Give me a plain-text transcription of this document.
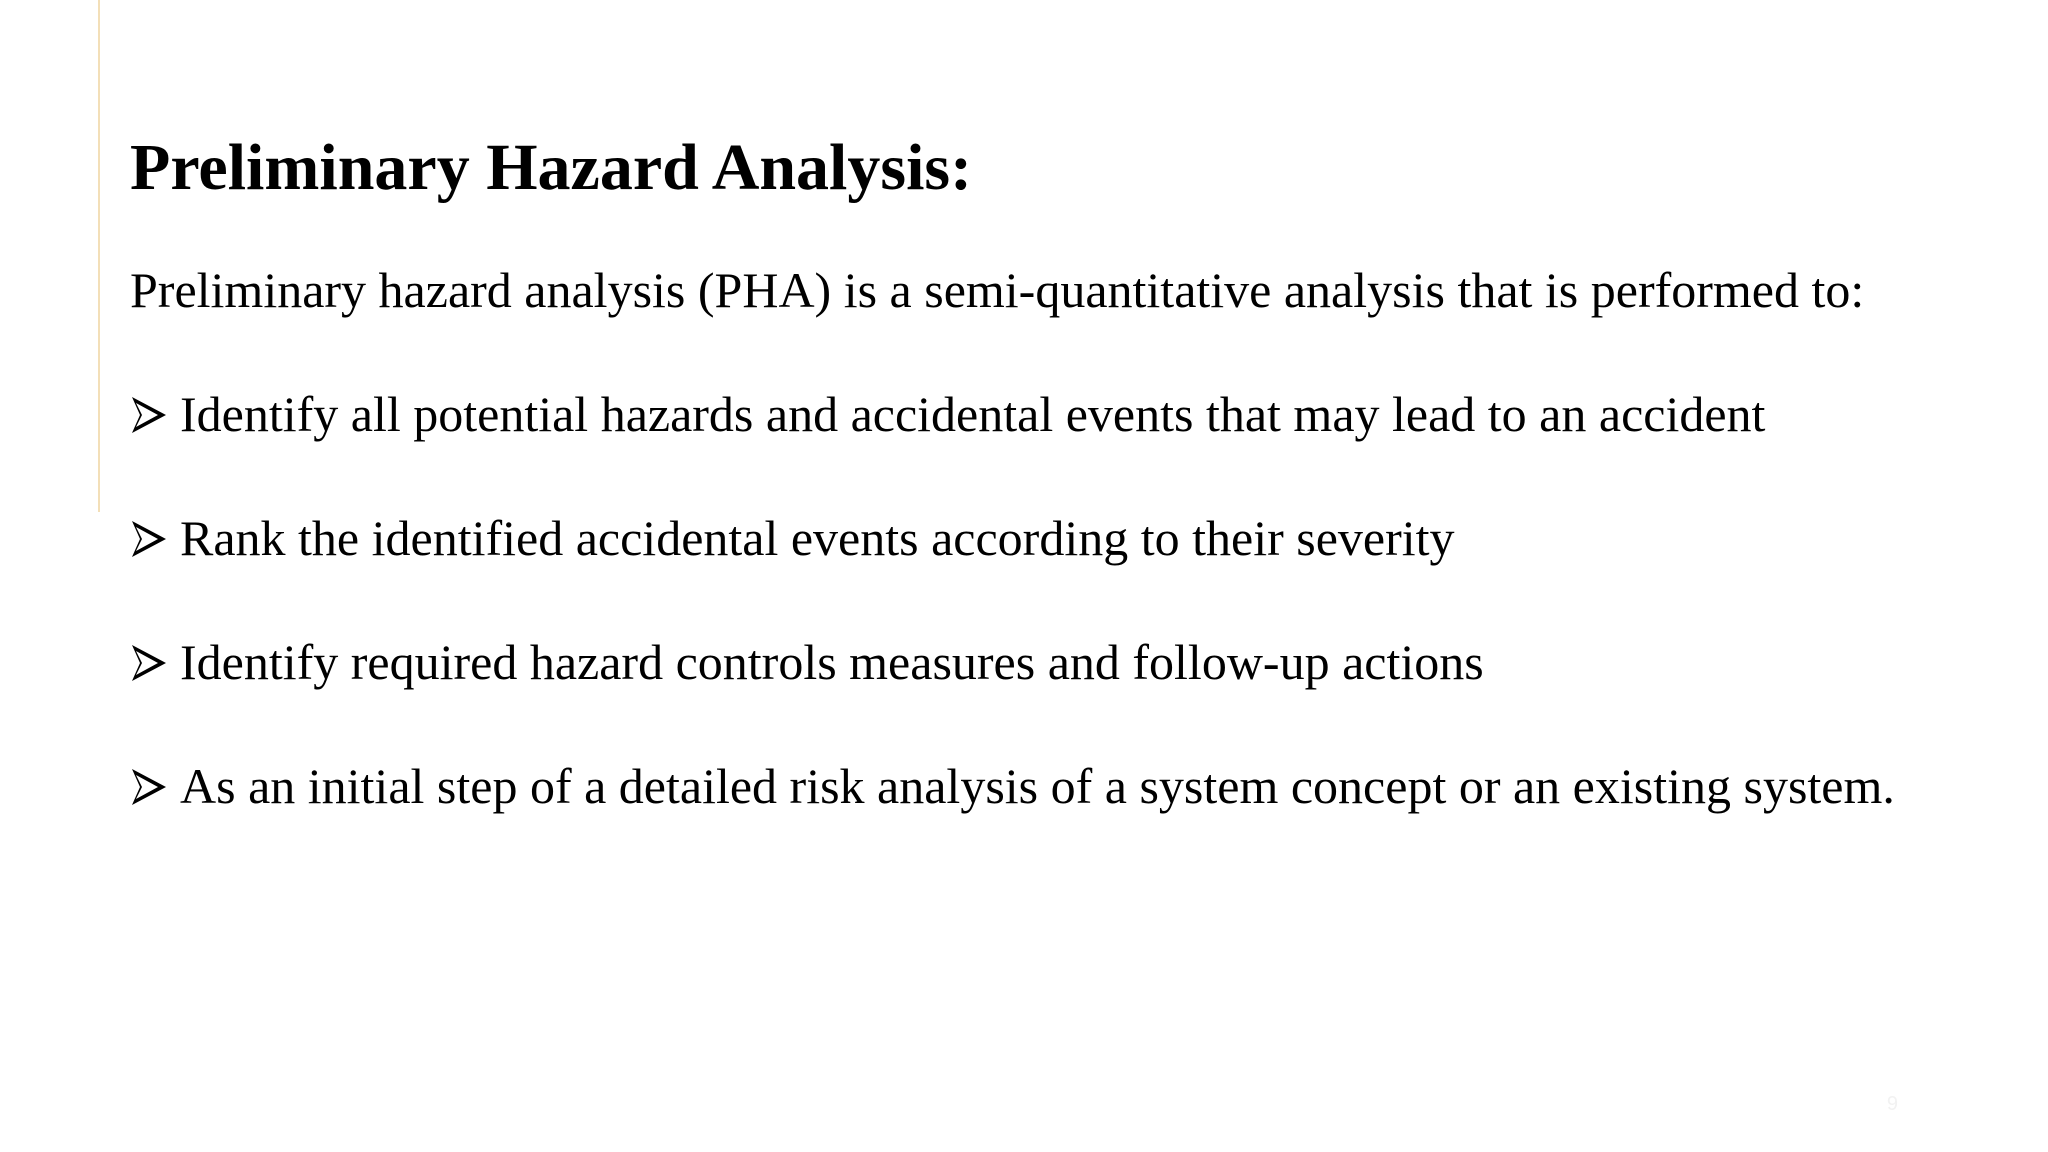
Preliminary Hazard Analysis:

Preliminary hazard analysis (PHA) is a semi-quantitative analysis that is performed to:

Identify all potential hazards and accidental events that may lead to an accident
Rank the identified accidental events according to their severity
Identify required hazard controls measures and follow-up actions
As an initial step of a detailed risk analysis of a system concept or an existing system.
9
